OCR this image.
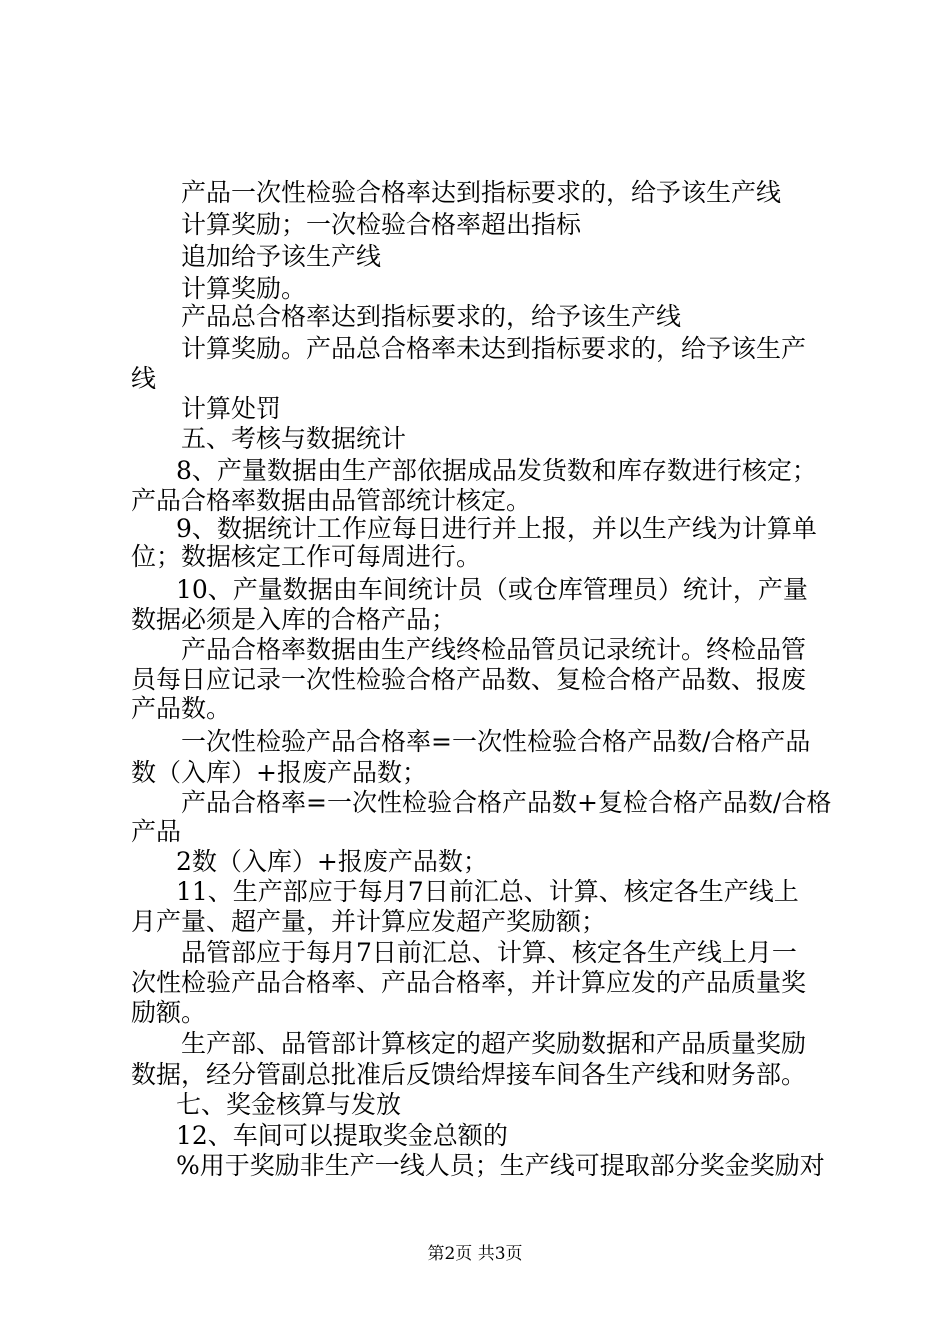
产品一次性检验合格率达到指标要求的，给予该生产线
计算奖励；一次检验合格率超出指标
追加给予该生产线
计算奖励。
产品总合格率达到指标要求的，给予该生产线
计算奖励。产品总合格率未达到指标要求的，给予该生产
线
计算处罚
五、考核与数据统计
8、产量数据由生产部依据成品发货数和库存数进行核定；
产品合格率数据由品管部统计核定。
9、数据统计工作应每日进行并上报，并以生产线为计算单
位；数据核定工作可每周进行。
10、产量数据由车间统计员（或仓库管理员）统计，产量
数据必须是入库的合格产品；
产品合格率数据由生产线终检品管员记录统计。终检品管
员每日应记录一次性检验合格产品数、复检合格产品数、报废
产品数。
一次性检验产品合格率=一次性检验合格产品数/合格产品
数（入库）+报废产品数；
产品合格率=一次性检验合格产品数+复检合格产品数/合格
产品
2数（入库）+报废产品数；
11、生产部应于每月7日前汇总、计算、核定各生产线上
月产量、超产量，并计算应发超产奖励额；
品管部应于每月7日前汇总、计算、核定各生产线上月一
次性检验产品合格率、产品合格率，并计算应发的产品质量奖
励额。
生产部、品管部计算核定的超产奖励数据和产品质量奖励
数据，经分管副总批准后反馈给焊接车间各生产线和财务部。
七、奖金核算与发放
12、车间可以提取奖金总额的
%用于奖励非生产一线人员；生产线可提取部分奖金奖励对
第2页 共3页
